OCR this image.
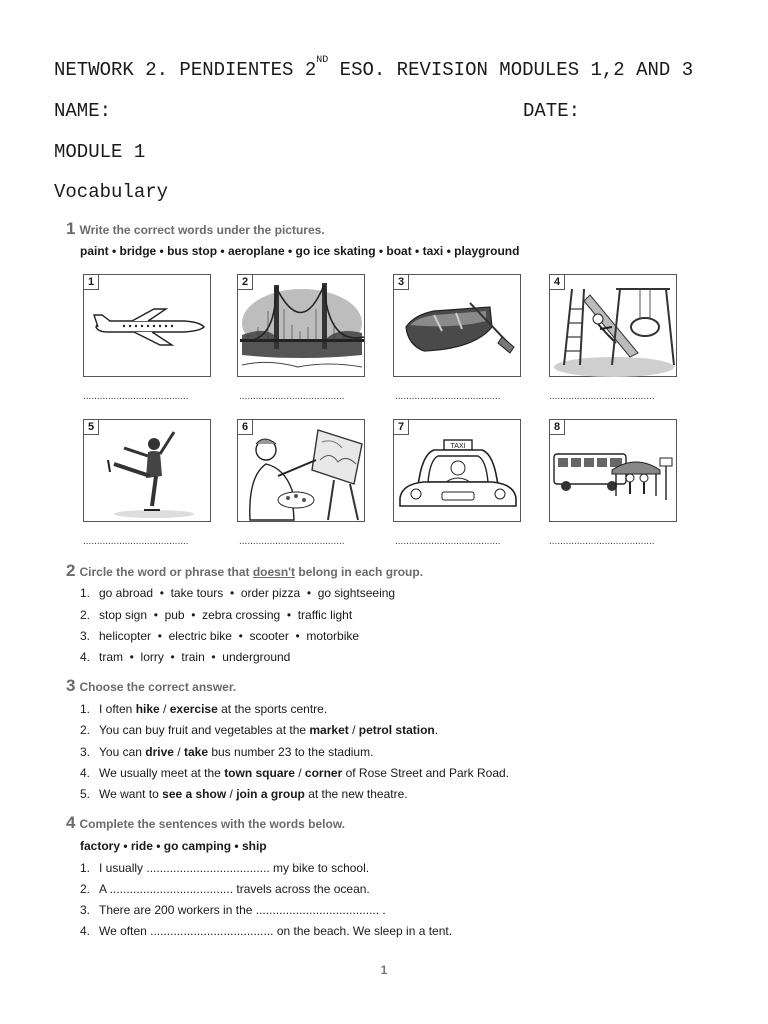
NETWORK 2. PENDIENTES 2ND ESO. REVISION MODULES 1,2 AND 3
NAME:	DATE:
MODULE 1
Vocabulary
1 Write the correct words under the pictures.
paint • bridge • bus stop • aeroplane • go ice skating • boat • taxi • playground
1	2	3	4
......................................	......................................	......................................	......................................
5	6
TAXI
7	8
......................................	......................................	......................................	......................................
2 Circle the word or phrase that doesn't belong in each group.
1. go abroad  •  take tours  •  order pizza  •  go sightseeing
2. stop sign  •  pub  •  zebra crossing  •  traffic light
3. helicopter  •  electric bike  •  scooter  •  motorbike
4. tram  •  lorry  •  train  •  underground
3 Choose the correct answer.
1. I often hike / exercise at the sports centre.
2. You can buy fruit and vegetables at the market / petrol station.
3. You can drive / take bus number 23 to the stadium.
4. We usually meet at the town square / corner of Rose Street and Park Road.
5. We want to see a show / join a group at the new theatre.
4 Complete the sentences with the words below.
factory • ride • go camping • ship
1. I usually ..................................... my bike to school.
2. A ..................................... travels across the ocean.
3. There are 200 workers in the ..................................... .
4. We often ..................................... on the beach. We sleep in a tent.
1
